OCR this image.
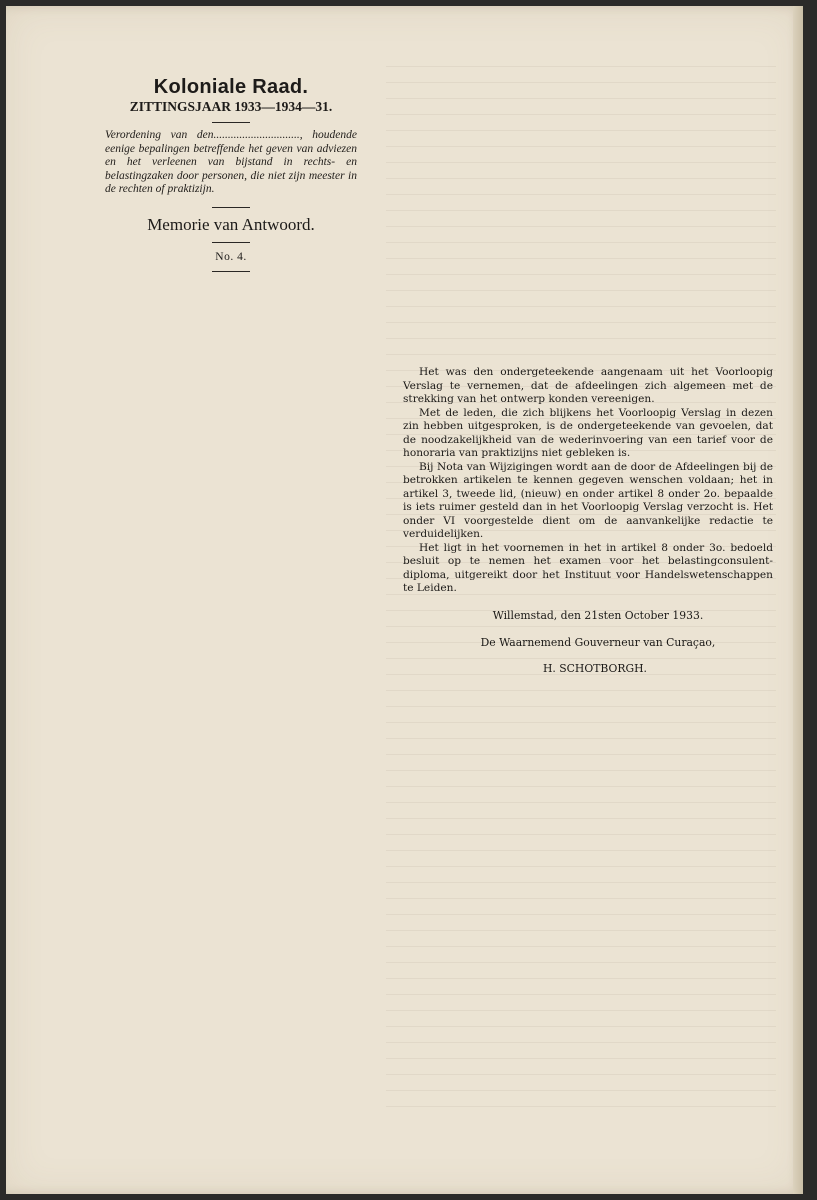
Koloniale Raad.
ZITTINGSJAAR 1933—1934—31.
Verordening van den.............................., houdende eenige bepalingen betreffende het geven van adviezen en het verleenen van bijstand in rechts- en belastingzaken door personen, die niet zijn meester in de rechten of praktizijn.
Memorie van Antwoord.
No. 4.

Het was den ondergeteekende aangenaam uit het Voorloopig Verslag te vernemen, dat de afdeelingen zich algemeen met de strekking van het ontwerp konden vereenigen.

Met de leden, die zich blijkens het Voorloopig Verslag in dezen zin hebben uitgesproken, is de ondergeteekende van gevoelen, dat de noodzakelijkheid van de wederinvoering van een tarief voor de honoraria van praktizijns niet gebleken is.

Bij Nota van Wijzigingen wordt aan de door de Afdeelingen bij de betrokken artikelen te kennen gegeven wenschen voldaan; het in artikel 3, tweede lid, (nieuw) en onder artikel 8 onder 2o. bepaalde is iets ruimer gesteld dan in het Voorloopig Verslag verzocht is. Het onder VI voorgestelde dient om de aanvankelijke redactie te verduidelijken.

Het ligt in het voornemen in het in artikel 8 onder 3o. bedoeld besluit op te nemen het examen voor het belastingconsulent-diploma, uitgereikt door het Instituut voor Handelswetenschappen te Leiden.

Willemstad, den 21sten October 1933.
De Waarnemend Gouverneur van Curaçao,
H. SCHOTBORGH.
